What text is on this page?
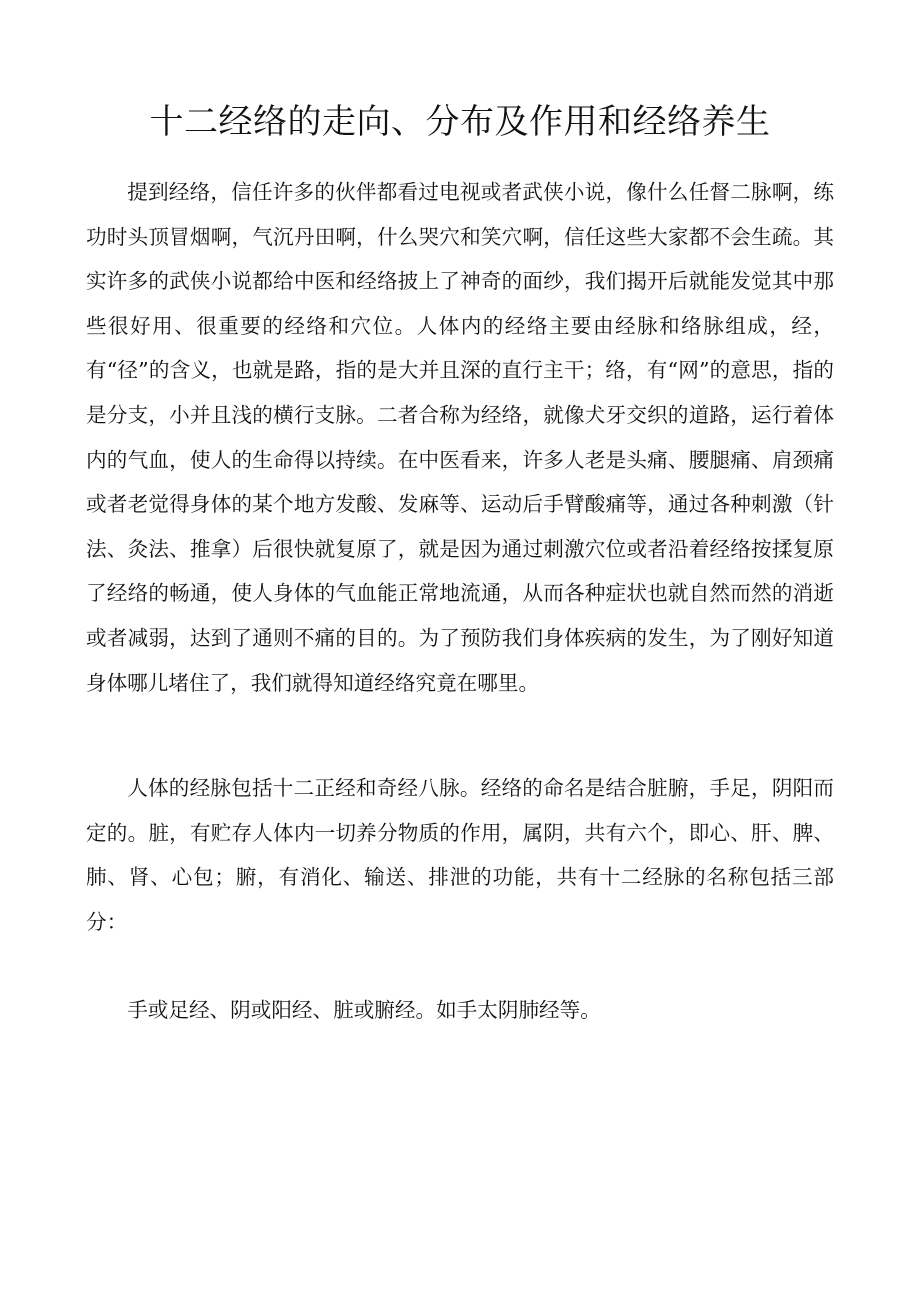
十二经络的走向、分布及作用和经络养生

提到经络，信任许多的伙伴都看过电视或者武侠小说，像什么任督二脉啊，练功时头顶冒烟啊，气沉丹田啊，什么哭穴和笑穴啊，信任这些大家都不会生疏。其实许多的武侠小说都给中医和经络披上了神奇的面纱，我们揭开后就能发觉其中那些很好用、很重要的经络和穴位。人体内的经络主要由经脉和络脉组成，经，有“径”的含义，也就是路，指的是大并且深的直行主干；络，有“网”的意思，指的是分支，小并且浅的横行支脉。二者合称为经络，就像犬牙交织的道路，运行着体内的气血，使人的生命得以持续。在中医看来，许多人老是头痛、腰腿痛、肩颈痛或者老觉得身体的某个地方发酸、发麻等、运动后手臂酸痛等，通过各种刺激（针法、灸法、推拿）后很快就复原了，就是因为通过刺激穴位或者沿着经络按揉复原了经络的畅通，使人身体的气血能正常地流通，从而各种症状也就自然而然的消逝或者减弱，达到了通则不痛的目的。为了预防我们身体疾病的发生，为了刚好知道身体哪儿堵住了，我们就得知道经络究竟在哪里。

人体的经脉包括十二正经和奇经八脉。经络的命名是结合脏腑，手足，阴阳而定的。脏，有贮存人体内一切养分物质的作用，属阴，共有六个，即心、肝、脾、肺、肾、心包；腑，有消化、输送、排泄的功能，共有十二经脉的名称包括三部分：

手或足经、阴或阳经、脏或腑经。如手太阴肺经等。
